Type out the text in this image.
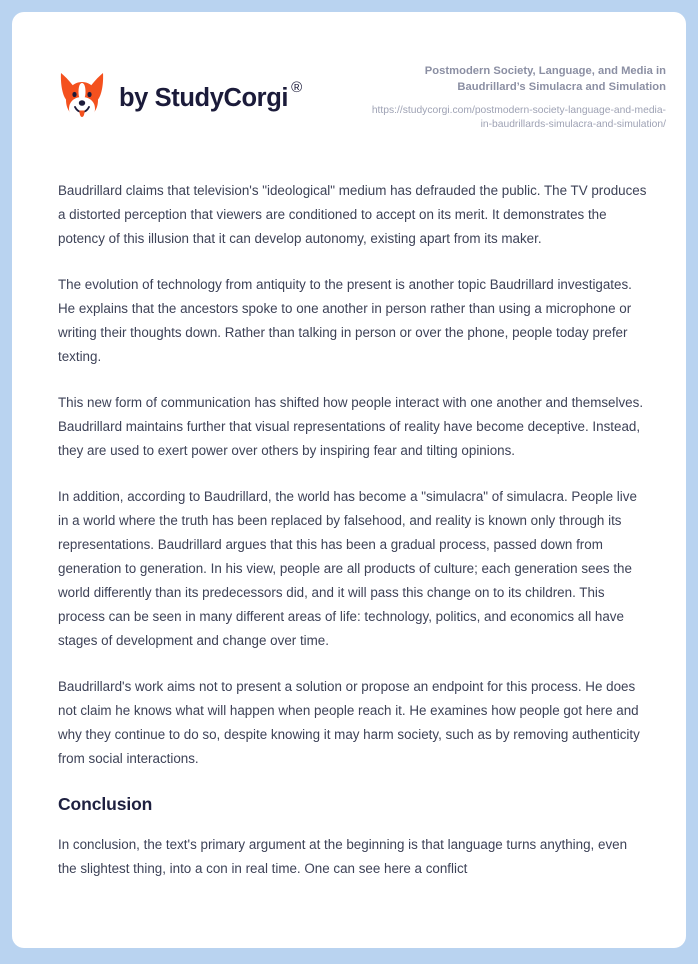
by StudyCorgi ®
Postmodern Society, Language, and Media in Baudrillard’s Simulacra and Simulation
https://studycorgi.com/postmodern-society-language-and-media-in-baudrillards-simulacra-and-simulation/

Baudrillard claims that television's "ideological" medium has defrauded the public. The TV produces a distorted perception that viewers are conditioned to accept on its merit. It demonstrates the potency of this illusion that it can develop autonomy, existing apart from its maker.

The evolution of technology from antiquity to the present is another topic Baudrillard investigates. He explains that the ancestors spoke to one another in person rather than using a microphone or writing their thoughts down. Rather than talking in person or over the phone, people today prefer texting.

This new form of communication has shifted how people interact with one another and themselves. Baudrillard maintains further that visual representations of reality have become deceptive. Instead, they are used to exert power over others by inspiring fear and tilting opinions.

In addition, according to Baudrillard, the world has become a "simulacra" of simulacra. People live in a world where the truth has been replaced by falsehood, and reality is known only through its representations. Baudrillard argues that this has been a gradual process, passed down from generation to generation. In his view, people are all products of culture; each generation sees the world differently than its predecessors did, and it will pass this change on to its children. This process can be seen in many different areas of life: technology, politics, and economics all have stages of development and change over time.

Baudrillard's work aims not to present a solution or propose an endpoint for this process. He does not claim he knows what will happen when people reach it. He examines how people got here and why they continue to do so, despite knowing it may harm society, such as by removing authenticity from social interactions.

Conclusion

In conclusion, the text's primary argument at the beginning is that language turns anything, even the slightest thing, into a con in real time. One can see here a conflict
